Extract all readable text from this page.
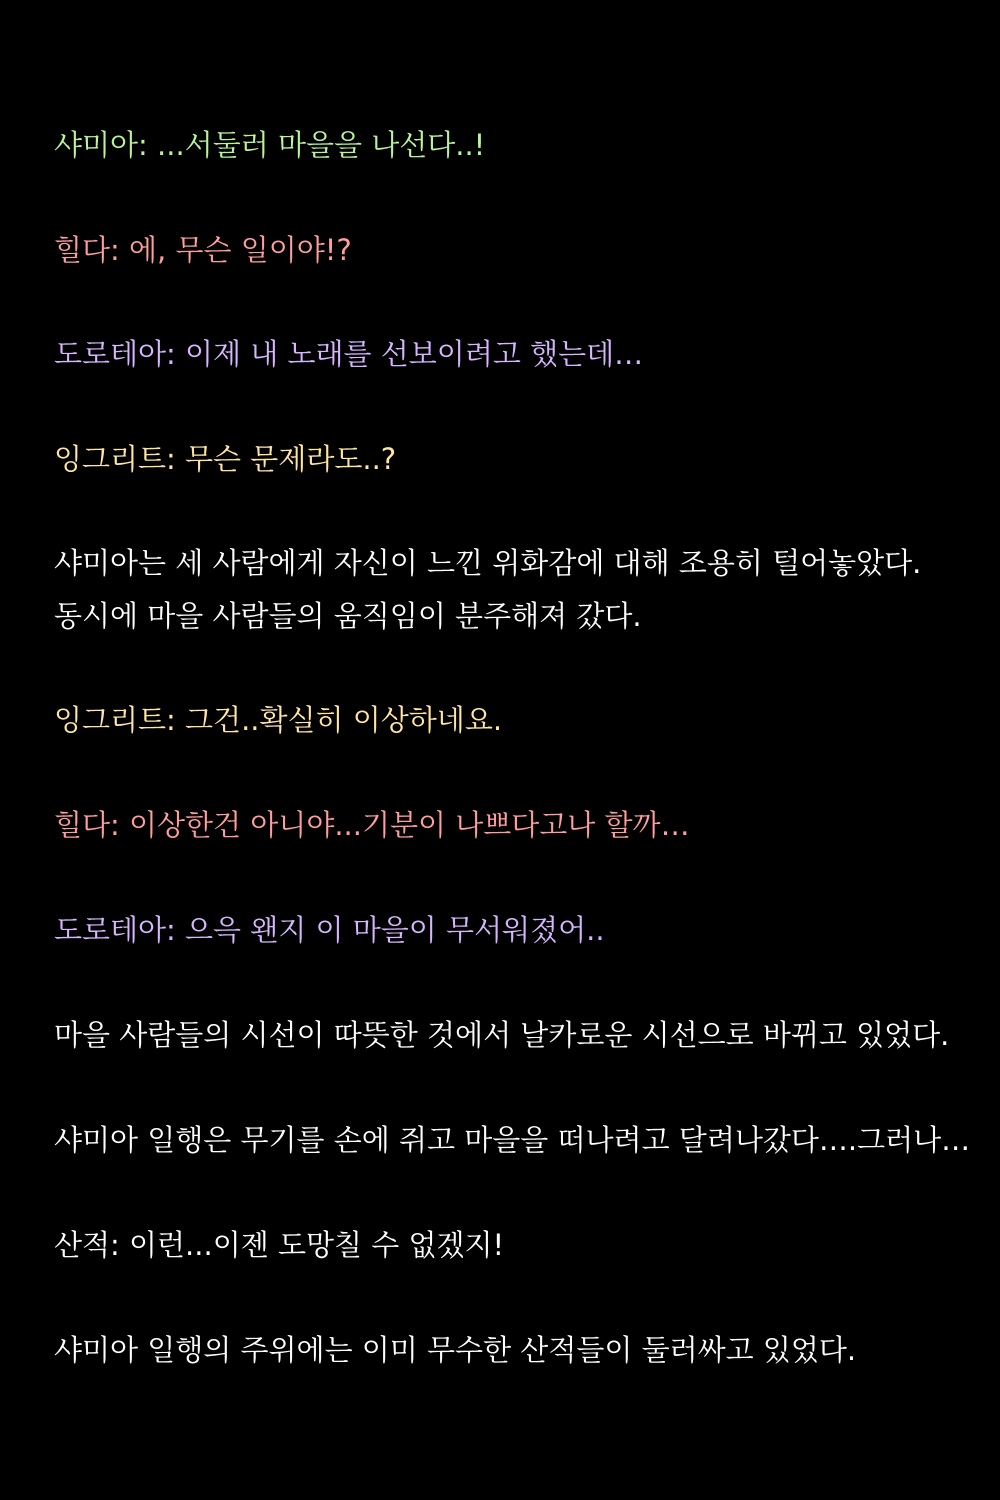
샤미아: ...서둘러 마을을 나선다..!
힐다: 에, 무슨 일이야!?
도로테아: 이제 내 노래를 선보이려고 했는데…
잉그리트: 무슨 문제라도..?
샤미아는 세 사람에게 자신이 느낀 위화감에 대해 조용히 털어놓았다.
동시에 마을 사람들의 움직임이 분주해져 갔다.
잉그리트: 그건..확실히 이상하네요.
힐다: 이상한건 아니야...기분이 나쁘다고나 할까…
도로테아: 으윽 왠지 이 마을이 무서워졌어..
마을 사람들의 시선이 따뜻한 것에서 날카로운 시선으로 바뀌고 있었다.
샤미아 일행은 무기를 손에 쥐고 마을을 떠나려고 달려나갔다….그러나…
산적: 이런...이젠 도망칠 수 없겠지!
샤미아 일행의 주위에는 이미 무수한 산적들이 둘러싸고 있었다.
